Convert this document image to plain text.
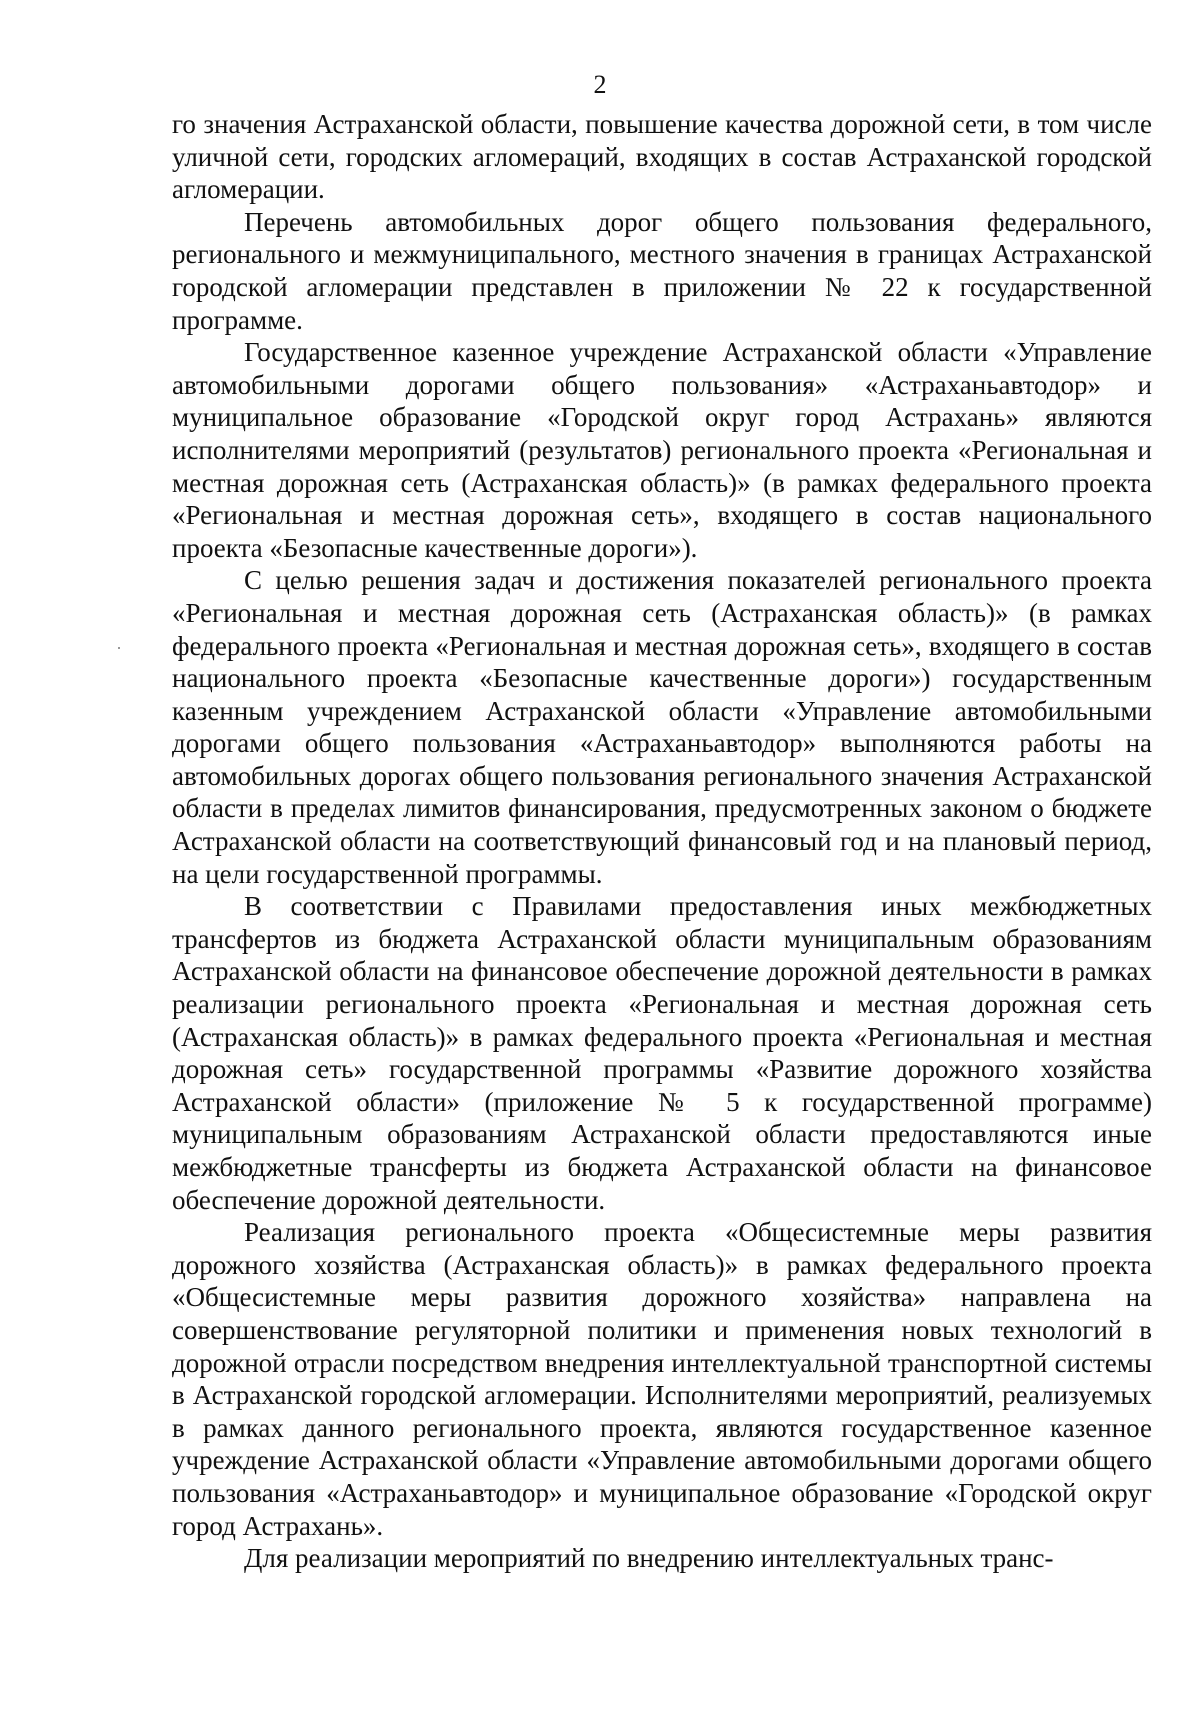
2

го значения Астраханской области, повышение качества дорожной сети, в том числе уличной сети, городских агломераций, входящих в состав Астраханской городской агломерации.

Перечень автомобильных дорог общего пользования федерального, регионального и межмуниципального, местного значения в границах Астраханской городской агломерации представлен в приложении № 22 к государственной программе.

Государственное казенное учреждение Астраханской области «Управление автомобильными дорогами общего пользования» «Астраханьавтодор» и муниципальное образование «Городской округ город Астрахань» являются исполнителями мероприятий (результатов) регионального проекта «Региональная и местная дорожная сеть (Астраханская область)» (в рамках федерального проекта «Региональная и местная дорожная сеть», входящего в состав национального проекта «Безопасные качественные дороги»).

С целью решения задач и достижения показателей регионального проекта «Региональная и местная дорожная сеть (Астраханская область)» (в рамках федерального проекта «Региональная и местная дорожная сеть», входящего в состав национального проекта «Безопасные качественные дороги») государственным казенным учреждением Астраханской области «Управление автомобильными дорогами общего пользования «Астраханьавтодор» выполняются работы на автомобильных дорогах общего пользования регионального значения Астраханской области в пределах лимитов финансирования, предусмотренных законом о бюджете Астраханской области на соответствующий финансовый год и на плановый период, на цели государственной программы.

В соответствии с Правилами предоставления иных межбюджетных трансфертов из бюджета Астраханской области муниципальным образованиям Астраханской области на финансовое обеспечение дорожной деятельности в рамках реализации регионального проекта «Региональная и местная дорожная сеть (Астраханская область)» в рамках федерального проекта «Региональная и местная дорожная сеть» государственной программы «Развитие дорожного хозяйства Астраханской области» (приложение № 5 к государственной программе) муниципальным образованиям Астраханской области предоставляются иные межбюджетные трансферты из бюджета Астраханской области на финансовое обеспечение дорожной деятельности.

Реализация регионального проекта «Общесистемные меры развития дорожного хозяйства (Астраханская область)» в рамках федерального проекта «Общесистемные меры развития дорожного хозяйства» направлена на совершенствование регуляторной политики и применения новых технологий в дорожной отрасли посредством внедрения интеллектуальной транспортной системы в Астраханской городской агломерации. Исполнителями мероприятий, реализуемых в рамках данного регионального проекта, являются государственное казенное учреждение Астраханской области «Управление автомобильными дорогами общего пользования «Астраханьавтодор» и муниципальное образование «Городской округ город Астрахань».

Для реализации мероприятий по внедрению интеллектуальных транс-
